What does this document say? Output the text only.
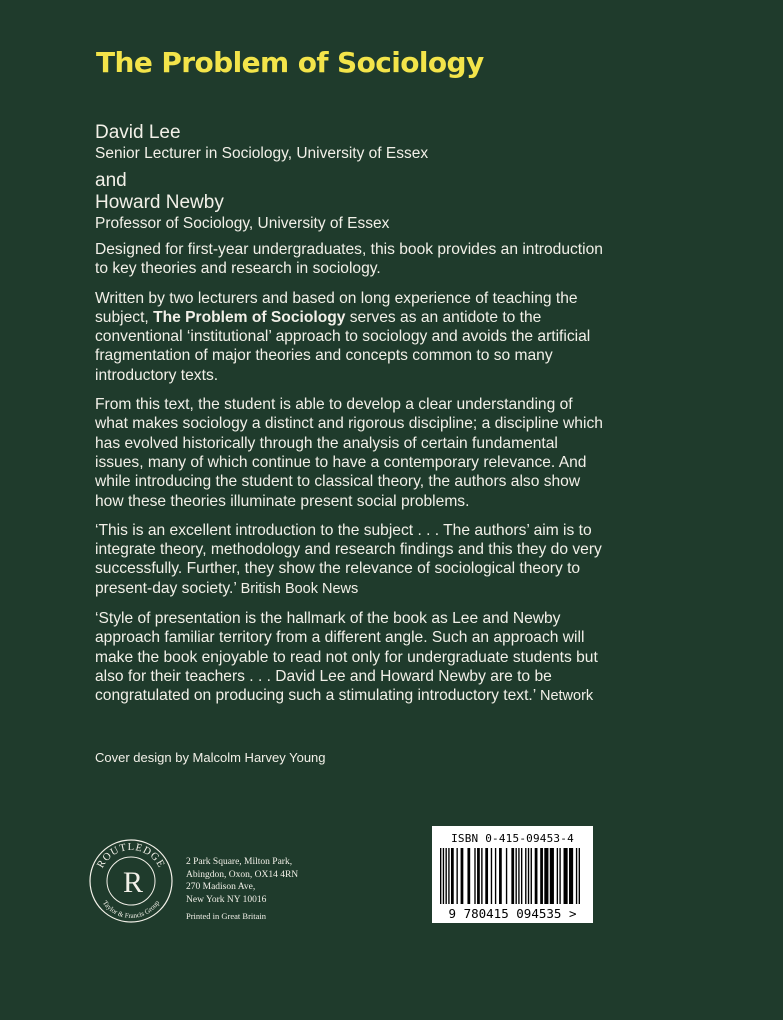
The Problem of Sociology
David Lee
Senior Lecturer in Sociology, University of Essex
and
Howard Newby
Professor of Sociology, University of Essex

Designed for first-year undergraduates, this book provides an introduction to key theories and research in sociology.

Written by two lecturers and based on long experience of teaching the subject, The Problem of Sociology serves as an antidote to the conventional ‘institutional’ approach to sociology and avoids the artificial fragmentation of major theories and concepts common to so many introductory texts.

From this text, the student is able to develop a clear understanding of what makes sociology a distinct and rigorous discipline; a discipline which has evolved historically through the analysis of certain fundamental issues, many of which continue to have a contemporary relevance. And while introducing the student to classical theory, the authors also show how these theories illuminate present social problems.

‘This is an excellent introduction to the subject . . . The authors’ aim is to integrate theory, methodology and research findings and this they do very successfully. Further, they show the relevance of sociological theory to present-day society.’ British Book News

‘Style of presentation is the hallmark of the book as Lee and Newby approach familiar territory from a different angle. Such an approach will make the book enjoyable to read not only for undergraduate students but also for their teachers . . . David Lee and Howard Newby are to be congratulated on producing such a stimulating introductory text.’ Network

Cover design by Malcolm Harvey Young
ROUTLEDGE
Taylor & Francis Group
R
2 Park Square, Milton Park,
Abingdon, Oxon, OX14 4RN
270 Madison Ave,
New York NY 10016
Printed in Great Britain
ISBN 0-415-09453-4
9 780415 094535 >
